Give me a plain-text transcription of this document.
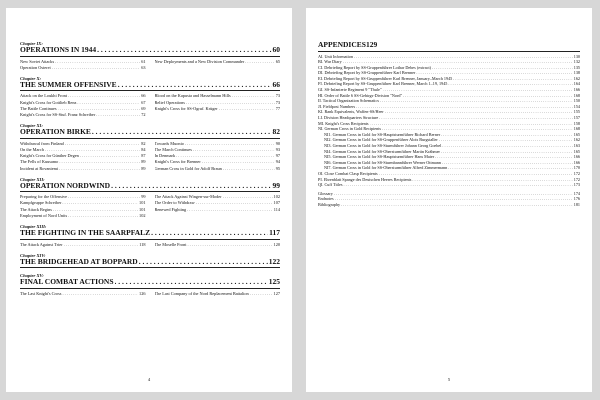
Chapter IX:
OPERATIONS IN 1944 . . .	60
New Soviet Attacks . . .	61 New Deployments and a New Division Commander . . .	65
Operation Osterei . . .	63
Chapter X:
THE SUMMER OFFENSIVE . . .	66
Attack on the Loukhi Front . . .	66 Blood on the Kapusta and Hasselmann Hills . . .	73
Knight's Cross for Gottlieb Renz . . .	67 Relief Operations . . .	73
The Battle Continues . . .	69 Knight's Cross for SS-Ogruf. Krüger . . .	77
Knight's Cross for SS-Stuf. Franz Schreiber . . .	72
Chapter XI:
OPERATION BIRKE . . .	82
Withdrawal from Finland . . .	82 Towards Muonio . . .	90
On the March . . .	84 The March Continues . . .	93
Knight's Cross for Günther Degen . . .	87 In Denmark . . .	97
The Fells of Kuusamo . . .	89 Knight's Cross for Brenner . . .	94
Incident at Rovaniemi . . .	89 German Cross in Gold for Adolf Braun . . .	95
Chapter XII:
OPERATION NORDWIND . . .	99
Preparing for the Offensive . . .	99 The Attack Against Wingen-sur-Moder . . .	102
Kampfgruppe Schreiber . . .	101 The Order to Withdraw . . .	107
The Attack Begins . . .	101 Renewed Fighting . . .	114
Employment of Nord Units . . .	102
Chapter XIII:
THE FIGHTING IN THE SAARPFALZ . . .	117
The Attack Against Trier . . .	118 The Moselle Front . . .	120
Chapter XIV:
THE BRIDGEHEAD AT BOPPARD . . .	122
Chapter XV:
FINAL COMBAT ACTIONS . . .	125
The Last Knight's Cross . . .	126 The Last Company of the Nord Replacement Battalion . . .	127
4
APPENDICES 129
AI. Unit Information . . .	130
BI. War Diary . . .	132
CI. Debriefing Report by SS-Gruppenführer Lothar Debes (extract) . . .	135
DI. Debriefing Report by SS-Gruppenführer Karl Brenner . . .	138
EI. Debriefing Report by SS-Gruppenführer Karl Brenner, January–March 1945 . . .	162
FI. Debriefing Report by SS-Gruppenführer Karl Brenner, March 1–19, 1945 . . .	164
GI. SS-Infanterie Regiment 9 "Thule" . . .	166
HI. Order of Battle 6 SS-Gebirgs-Division "Nord" . . .	168
II. Tactical Organization Schematics . . .	150
JI. Fieldpost Numbers . . .	154
KI. Rank Equivalents, Waffen-SS/Heer . . .	155
LI. Division Headquarters Structure . . .	157
MI. Knight's Cross Recipients . . .	158
NI. German Cross in Gold Recipients . . .	168
NI1. German Cross in Gold for SS-Hauptsturmführer Richard Berner . . .	165
NI2. German Cross in Gold for SS-Gruppenführer Alois Burgstaller . . .	162
NI3. German Cross in Gold for SS-Sturmführer Johann Georg Goebel . . .	163
NI4. German Cross in Gold for SS-Obersturmführer Martin Krähmer . . .	165
NI5. German Cross in Gold for SS-Hauptsturmführer Hans Maier . . .	166
NI6. German Cross in Gold for SS-Sturmbannführer Werner Ottmann . . .	166
NI7. German Cross in Gold for SS-Obersturmführer Alfred Zimmermann . . .	170
OI. Close Combat Clasp Recipients . . .	172
PI. Ehrenblatt Spange des Deutschen Heeres Recipients . . .	172
QI. Cuff Titles . . .	173
Glossary . . .	174
Endnotes . . .	176
Bibliography . . .	181
5
